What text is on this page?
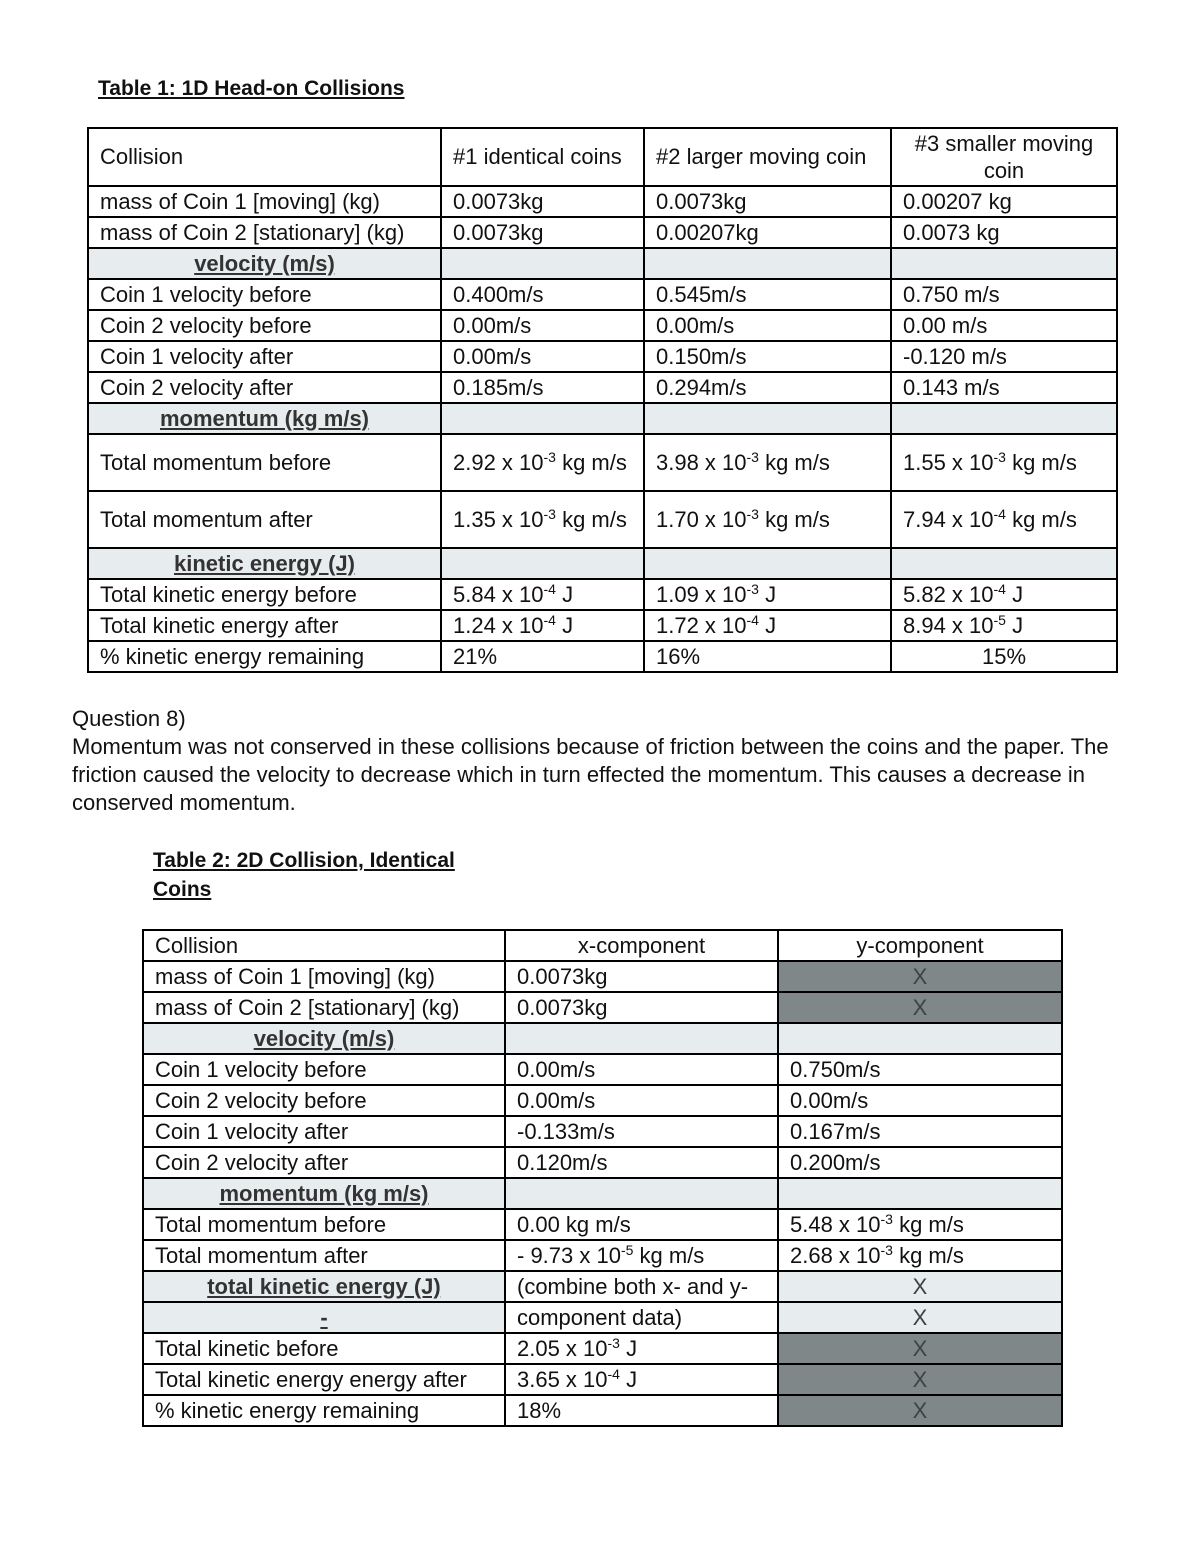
Table 1: 1D Head-on Collisions
Collision	#1 identical coins	#2 larger moving coin	#3 smaller moving coin
mass of Coin 1 [moving] (kg)	0.0073kg	0.0073kg	0.00207 kg
mass of Coin 2 [stationary] (kg)	0.0073kg	0.00207kg	0.0073 kg
velocity (m/s)			
Coin 1 velocity before	0.400m/s	0.545m/s	0.750 m/s
Coin 2 velocity before	0.00m/s	0.00m/s	0.00 m/s
Coin 1 velocity after	0.00m/s	0.150m/s	-0.120 m/s
Coin 2 velocity after	0.185m/s	0.294m/s	0.143 m/s
momentum (kg m/s)			
Total momentum before	2.92 x $10^{-3}$ kg m/s	3.98 x $10^{-3}$ kg m/s	1.55 x $10^{-3}$ kg m/s
Total momentum after	1.35 x $10^{-3}$ kg m/s	1.70 x $10^{-3}$ kg m/s	7.94 x $10^{-4}$ kg m/s
kinetic energy (J)			
Total kinetic energy before	5.84 x $10^{-4}$ J	1.09 x $10^{-3}$ J	5.82 x $10^{-4}$ J
Total kinetic energy after	1.24 x $10^{-4}$ J	1.72 x $10^{-4}$ J	8.94 x $10^{-5}$ J
% kinetic energy remaining	21%	16%	15%
Question 8)
Momentum was not conserved in these collisions because of friction between the coins and the paper. The friction caused the velocity to decrease which in turn effected the momentum. This causes a decrease in conserved momentum.
Table 2: 2D Collision, Identical Coins
Collision	x-component	y-component
mass of Coin 1 [moving] (kg)	0.0073kg	X
mass of Coin 2 [stationary] (kg)	0.0073kg	X
velocity (m/s)		
Coin 1 velocity before	0.00m/s	0.750m/s
Coin 2 velocity before	0.00m/s	0.00m/s
Coin 1 velocity after	-0.133m/s	0.167m/s
Coin 2 velocity after	0.120m/s	0.200m/s
momentum (kg m/s)		
Total momentum before	0.00 kg m/s	5.48 x $10^{-3}$ kg m/s
Total momentum after	- 9.73 x $10^{-5}$ kg m/s	2.68 x $10^{-3}$ kg m/s
total kinetic energy (J)	(combine both x- and y-	X
-	component data)	X
Total kinetic before	2.05 x $10^{-3}$ J	X
Total kinetic energy energy after	3.65 x $10^{-4}$ J	X
% kinetic energy remaining	18%	X
